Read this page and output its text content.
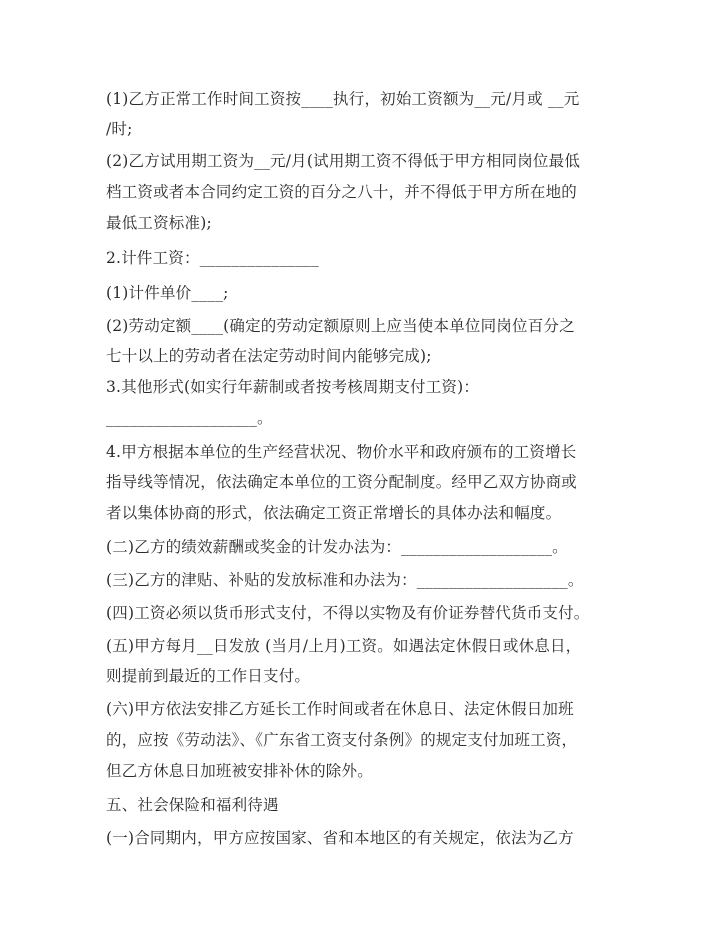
(1)乙方正常工作时间工资按____执行，初始工资额为__元/月或 __元
/时;
(2)乙方试用期工资为__元/月(试用期工资不得低于甲方相同岗位最低
档工资或者本合同约定工资的百分之八十，并不得低于甲方所在地的
最低工资标准);
2.计件工资：_______________
(1)计件单价____;
(2)劳动定额____(确定的劳动定额原则上应当使本单位同岗位百分之
七十以上的劳动者在法定劳动时间内能够完成);
3.其他形式(如实行年薪制或者按考核周期支付工资)：
___________________。
4.甲方根据本单位的生产经营状况、物价水平和政府颁布的工资增长
指导线等情况，依法确定本单位的工资分配制度。经甲乙双方协商或
者以集体协商的形式，依法确定工资正常增长的具体办法和幅度。
(二)乙方的绩效薪酬或奖金的计发办法为：___________________。
(三)乙方的津贴、补贴的发放标准和办法为：___________________。
(四)工资必须以货币形式支付，不得以实物及有价证券替代货币支付。
(五)甲方每月__日发放 (当月/上月)工资。如遇法定休假日或休息日，
则提前到最近的工作日支付。
(六)甲方依法安排乙方延长工作时间或者在休息日、法定休假日加班
的，应按《劳动法》、《广东省工资支付条例》的规定支付加班工资，
但乙方休息日加班被安排补休的除外。
五、社会保险和福利待遇
(一)合同期内，甲方应按国家、省和本地区的有关规定，依法为乙方
